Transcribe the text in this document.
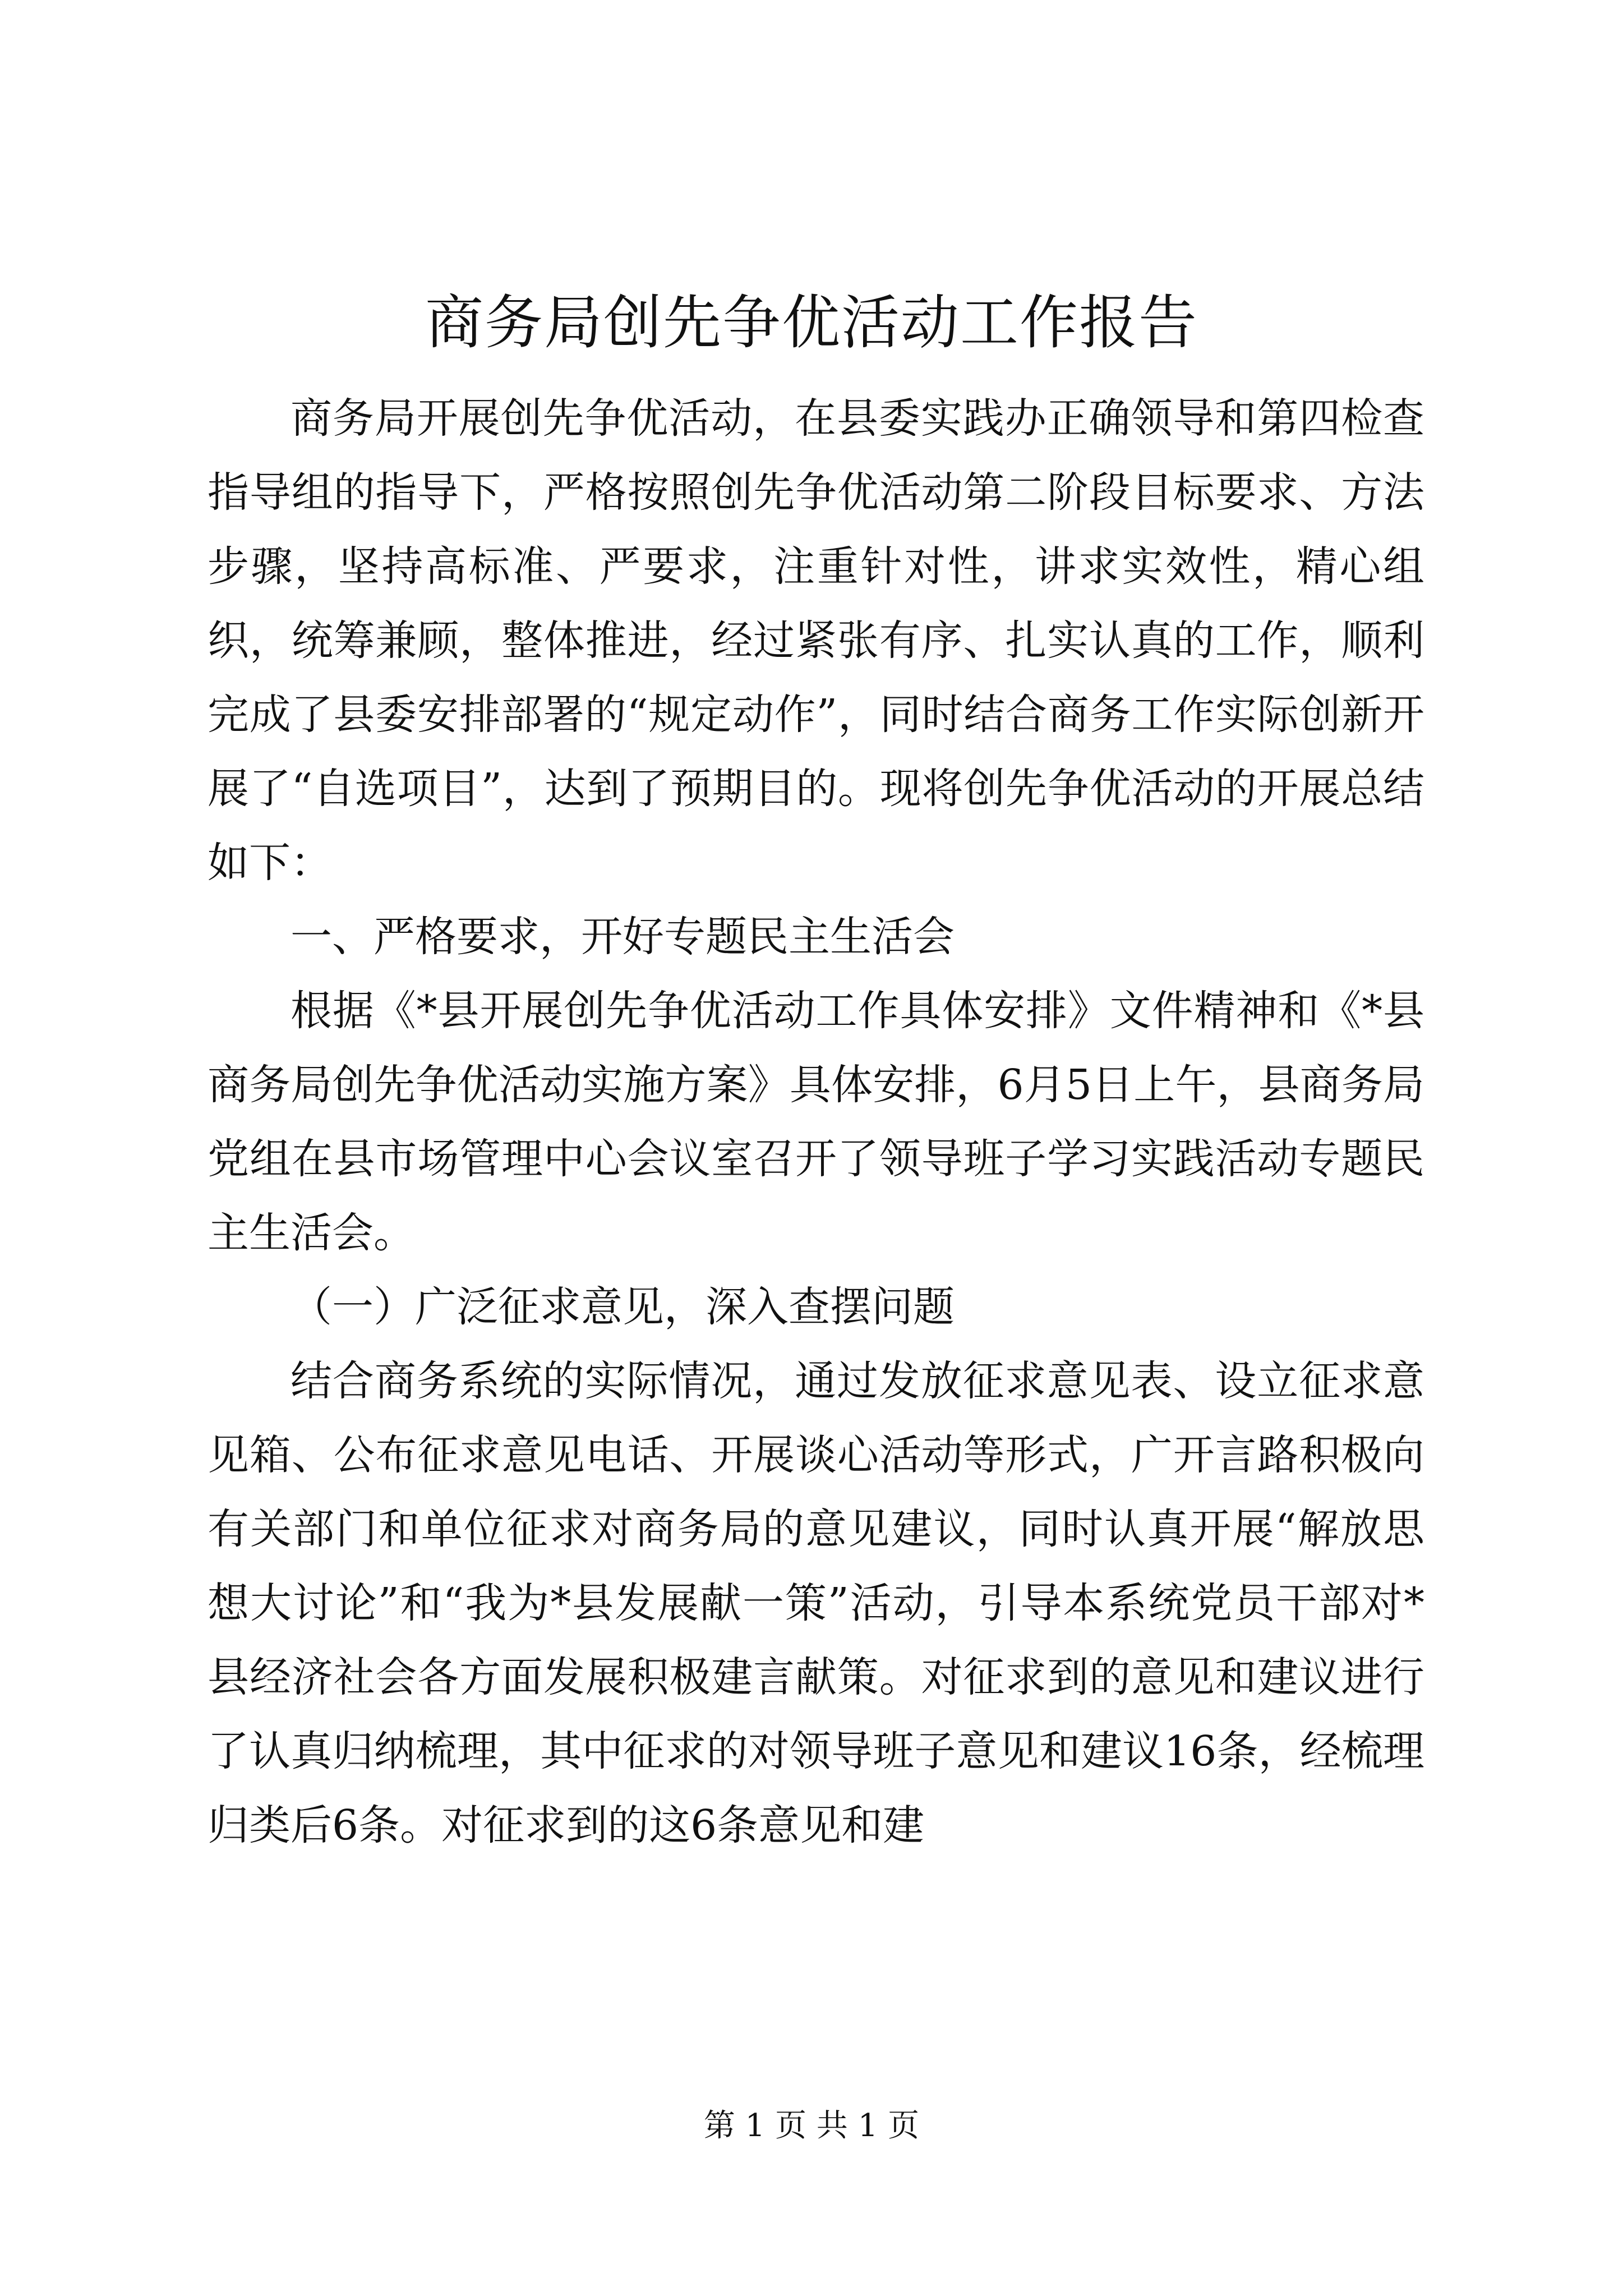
商务局创先争优活动工作报告

商务局开展创先争优活动，在县委实践办正确领导和第四检查指导组的指导下，严格按照创先争优活动第二阶段目标要求、方法步骤，坚持高标准、严要求，注重针对性，讲求实效性，精心组织，统筹兼顾，整体推进，经过紧张有序、扎实认真的工作，顺利完成了县委安排部署的“规定动作”，同时结合商务工作实际创新开展了“自选项目”，达到了预期目的。现将创先争优活动的开展总结如下：

一、严格要求，开好专题民主生活会

根据《*县开展创先争优活动工作具体安排》文件精神和《*县商务局创先争优活动实施方案》具体安排，6月5日上午，县商务局党组在县市场管理中心会议室召开了领导班子学习实践活动专题民主生活会。

（一）广泛征求意见，深入查摆问题

结合商务系统的实际情况，通过发放征求意见表、设立征求意见箱、公布征求意见电话、开展谈心活动等形式，广开言路积极向有关部门和单位征求对商务局的意见建议，同时认真开展“解放思想大讨论”和“我为*县发展献一策”活动，引导本系统党员干部对*县经济社会各方面发展积极建言献策。对征求到的意见和建议进行了认真归纳梳理，其中征求的对领导班子意见和建议16条，经梳理归类后6条。对征求到的这6条意见和建

第 1 页 共 1 页
